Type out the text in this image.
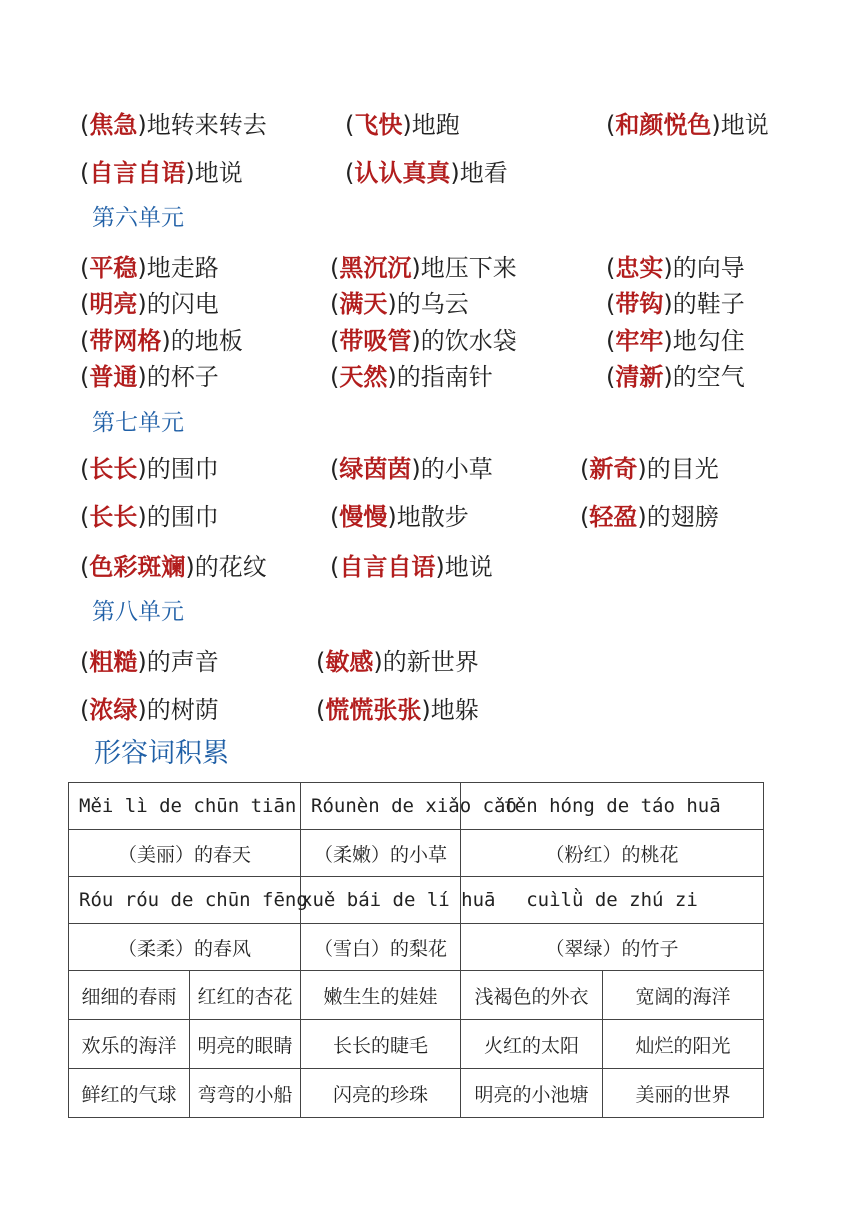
(焦急)地转来转去	(飞快)地跑	(和颜悦色)地说
(自言自语)地说	(认认真真)地看
第六单元
(平稳)地走路	(黑沉沉)地压下来	(忠实)的向导
(明亮)的闪电	(满天)的乌云	(带钩)的鞋子
(带网格)的地板	(带吸管)的饮水袋	(牢牢)地勾住
(普通)的杯子	(天然)的指南针	(清新)的空气
第七单元
(长长)的围巾	(绿茵茵)的小草	(新奇)的目光
(长长)的围巾	(慢慢)地散步	(轻盈)的翅膀
(色彩斑斓)的花纹	(自言自语)地说
第八单元
(粗糙)的声音	(敏感)的新世界
(浓绿)的树荫	(慌慌张张)地躲
形容词积累
Měi lì de chūn tiān		Róunèn de xiǎo cǎo	fěn hóng de táo huā	
（美丽）的春天		（柔嫩）的小草	（粉红）的桃花	
Róu róu de chūn fēng		xuě bái de lí huā	cuìlǜ de zhú zi	
（柔柔）的春风		（雪白）的梨花	（翠绿）的竹子	
细细的春雨	红红的杏花	嫩生生的娃娃	浅褐色的外衣	宽阔的海洋
欢乐的海洋	明亮的眼睛	长长的睫毛	火红的太阳	灿烂的阳光
鲜红的气球	弯弯的小船	闪亮的珍珠	明亮的小池塘	美丽的世界
